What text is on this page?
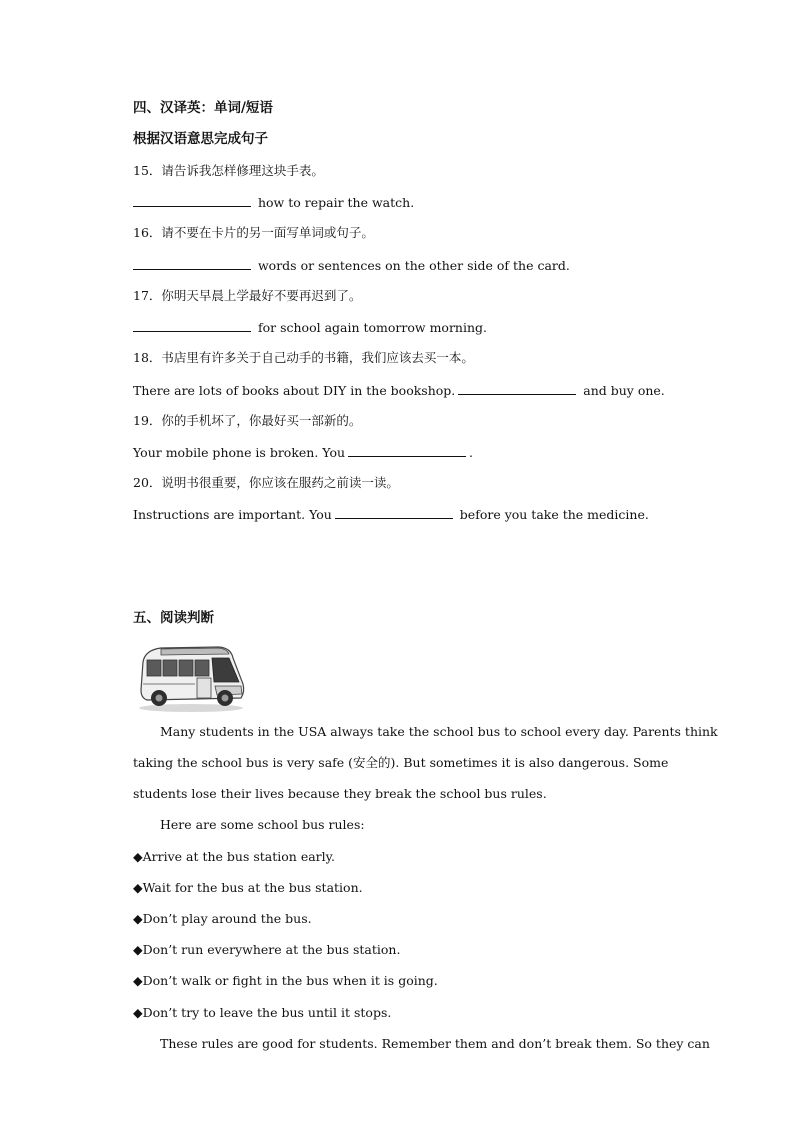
四、汉译英：单词/短语
根据汉语意思完成句子
15．请告诉我怎样修理这块手表。
how to repair the watch.
16．请不要在卡片的另一面写单词或句子。
words or sentences on the other side of the card.
17．你明天早晨上学最好不要再迟到了。
for school again tomorrow morning.
18．书店里有许多关于自己动手的书籍，我们应该去买一本。
There are lots of books about DIY in the bookshop.	and buy one.
19．你的手机坏了，你最好买一部新的。
Your mobile phone is broken. You	.
20．说明书很重要，你应该在服药之前读一读。
Instructions are important. You	before you take the medicine.
五、阅读判断
Many students in the USA always take the school bus to school every day. Parents think
taking the school bus is very safe (安全的). But sometimes it is also dangerous. Some
students lose their lives because they break the school bus rules.
Here are some school bus rules:
◆Arrive at the bus station early.
◆Wait for the bus at the bus station.
◆Don’t play around the bus.
◆Don’t run everywhere at the bus station.
◆Don’t walk or fight in the bus when it is going.
◆Don’t try to leave the bus until it stops.
These rules are good for students. Remember them and don’t break them. So they can
